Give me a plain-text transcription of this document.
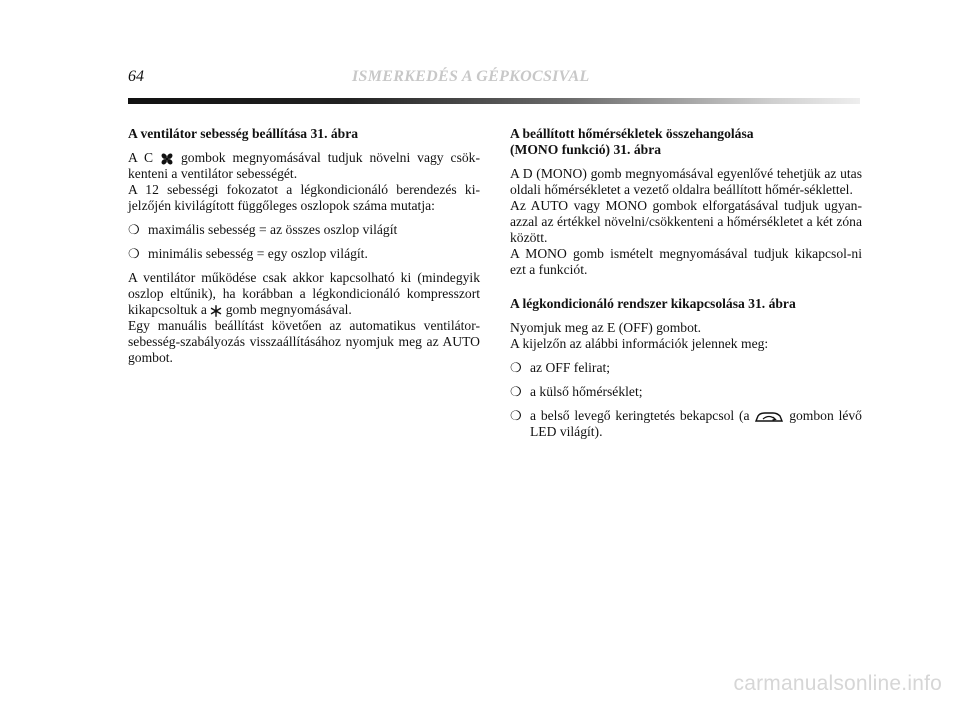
64	ISMERKEDÉS A GÉPKOCSIVAL
A ventilátor sebesség beállítása 31. ábra

A C gombok megnyomásával tudjuk növelni vagy csök-kenteni a ventilátor sebességét.

A 12 sebességi fokozatot a légkondicionáló berendezés ki-jelzőjén kivilágított függőleges oszlopok száma mutatja:

❍ maximális sebesség = az összes oszlop világít
❍ minimális sebesség = egy oszlop világít.

A ventilátor működése csak akkor kapcsolható ki (mindegyik oszlop eltűnik), ha korábban a légkondicionáló kompresszort kikapcsoltuk a gomb megnyomásával.

Egy manuális beállítást követően az automatikus ventilátor-sebesség-szabályozás visszaállításához nyomjuk meg az AUTO gombot.

A beállított hőmérsékletek összehangolása
(MONO funkció) 31. ábra

A D (MONO) gomb megnyomásával egyenlővé tehetjük az utas oldali hőmérsékletet a vezető oldalra beállított hőmér-séklettel.

Az AUTO vagy MONO gombok elforgatásával tudjuk ugyan-azzal az értékkel növelni/csökkenteni a hőmérsékletet a két zóna között.

A MONO gomb ismételt megnyomásával tudjuk kikapcsol-ni ezt a funkciót.

A légkondicionáló rendszer kikapcsolása 31. ábra

Nyomjuk meg az E (OFF) gombot.

A kijelzőn az alábbi információk jelennek meg:

❍ az OFF felirat;
❍ a külső hőmérséklet;
❍ a belső levegő keringtetés bekapcsol (a	gombon lévő LED világít).
carmanualsonline.info
